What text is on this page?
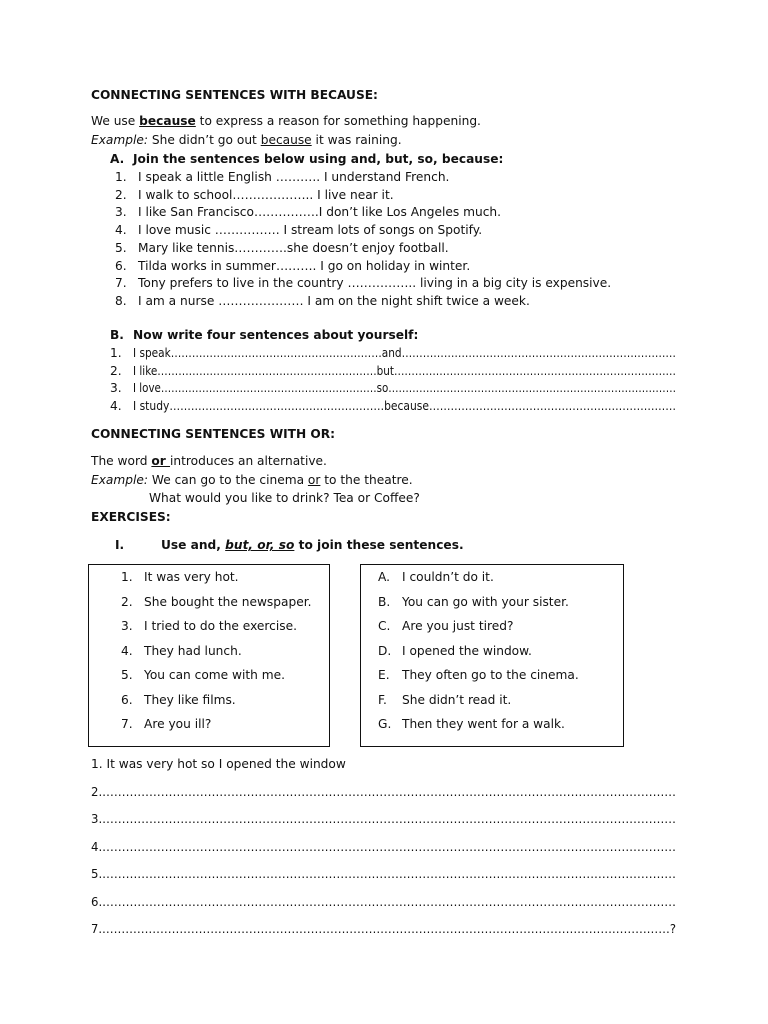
CONNECTING SENTENCES WITH BECAUSE:
We use because to express a reason for something happening.
Example: She didn’t go out because it was raining.
A. Join the sentences below using and, but, so, because:
1. I speak a little English ……….. I understand French.
2. I walk to school……………….. I live near it.
3. I like San Francisco…………….I don’t like Los Angeles much.
4. I love music ……………. I stream lots of songs on Spotify.
5. Mary like tennis………….she doesn’t enjoy football.
6. Tilda works in summer………. I go on holiday in winter.
7. Tony prefers to live in the country …………….. living in a big city is expensive.
8. I am a nurse ………………… I am on the night shift twice a week.
B. Now write four sentences about yourself:
1. I speak……………………………………………………and……………………………………………………………………
2. I like………………………………………………………but………………………………………………………………………
3. I love………………………………………………………so…………………………………………………………………………
4. I study……………………………………………………because……………………………………………………………
CONNECTING SENTENCES WITH OR:
The word or introduces an alternative.
Example: We can go to the cinema or to the theatre.
What would you like to drink? Tea or Coffee?
EXERCISES:
I.	Use and, but, or, so to join these sentences.
1. It was very hot.
2. She bought the newspaper.
3. I tried to do the exercise.
4. They had lunch.
5. You can come with me.
6. They like films.
7. Are you ill?
A. I couldn’t do it.
B. You can go with your sister.
C. Are you just tired?
D. I opened the window.
E. They often go to the cinema.
F. She didn’t read it.
G. Then they went for a walk.
1. It was very hot so I opened the window
2.…………………………………………………………………………………………………………………………………
3.…………………………………………………………………………………………………………………………………
4.…………………………………………………………………………………………………………………………………
5.…………………………………………………………………………………………………………………………………
6.…………………………………………………………………………………………………………………………………
7.…………………………………………………………………………………………………………………………………?
